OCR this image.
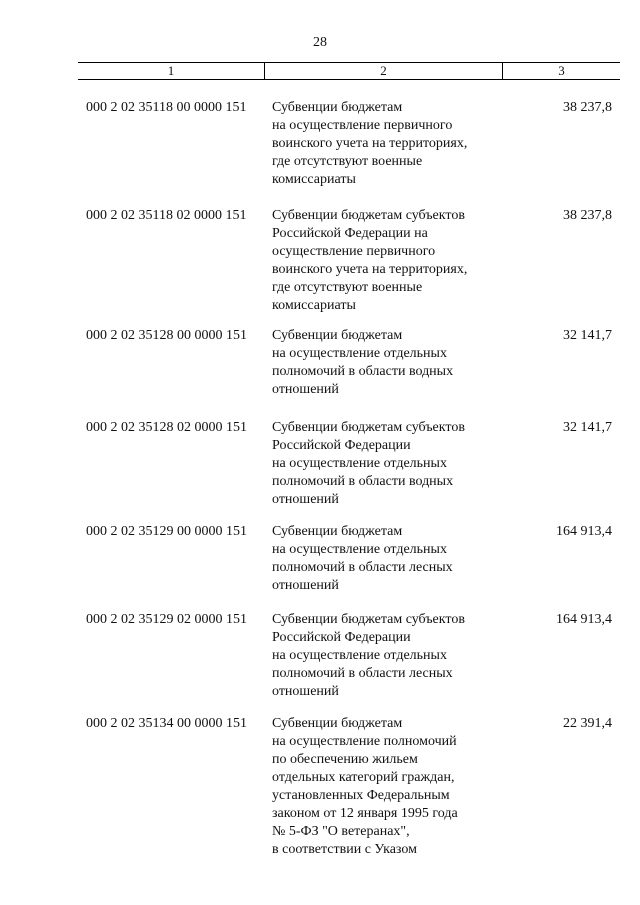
28
1	2	3
000 2 02 35118 00 0000 151 Субвенции бюджетам
на осуществление первичного
воинского учета на территориях,
где отсутствуют военные
комиссариаты
38 237,8
000 2 02 35118 02 0000 151 Субвенции бюджетам субъектов
Российской Федерации на
осуществление первичного
воинского учета на территориях,
где отсутствуют военные
комиссариаты
38 237,8
000 2 02 35128 00 0000 151 Субвенции бюджетам
на осуществление отдельных
полномочий в области водных
отношений
32 141,7
000 2 02 35128 02 0000 151 Субвенции бюджетам субъектов
Российской Федерации
на осуществление отдельных
полномочий в области водных
отношений
32 141,7
000 2 02 35129 00 0000 151 Субвенции бюджетам
на осуществление отдельных
полномочий в области лесных
отношений
164 913,4
000 2 02 35129 02 0000 151 Субвенции бюджетам субъектов
Российской Федерации
на осуществление отдельных
полномочий в области лесных
отношений
164 913,4
000 2 02 35134 00 0000 151 Субвенции бюджетам
на осуществление полномочий
по обеспечению жильем
отдельных категорий граждан,
установленных Федеральным
законом от 12 января 1995 года
№ 5-ФЗ "О ветеранах",
в соответствии с Указом
22 391,4
